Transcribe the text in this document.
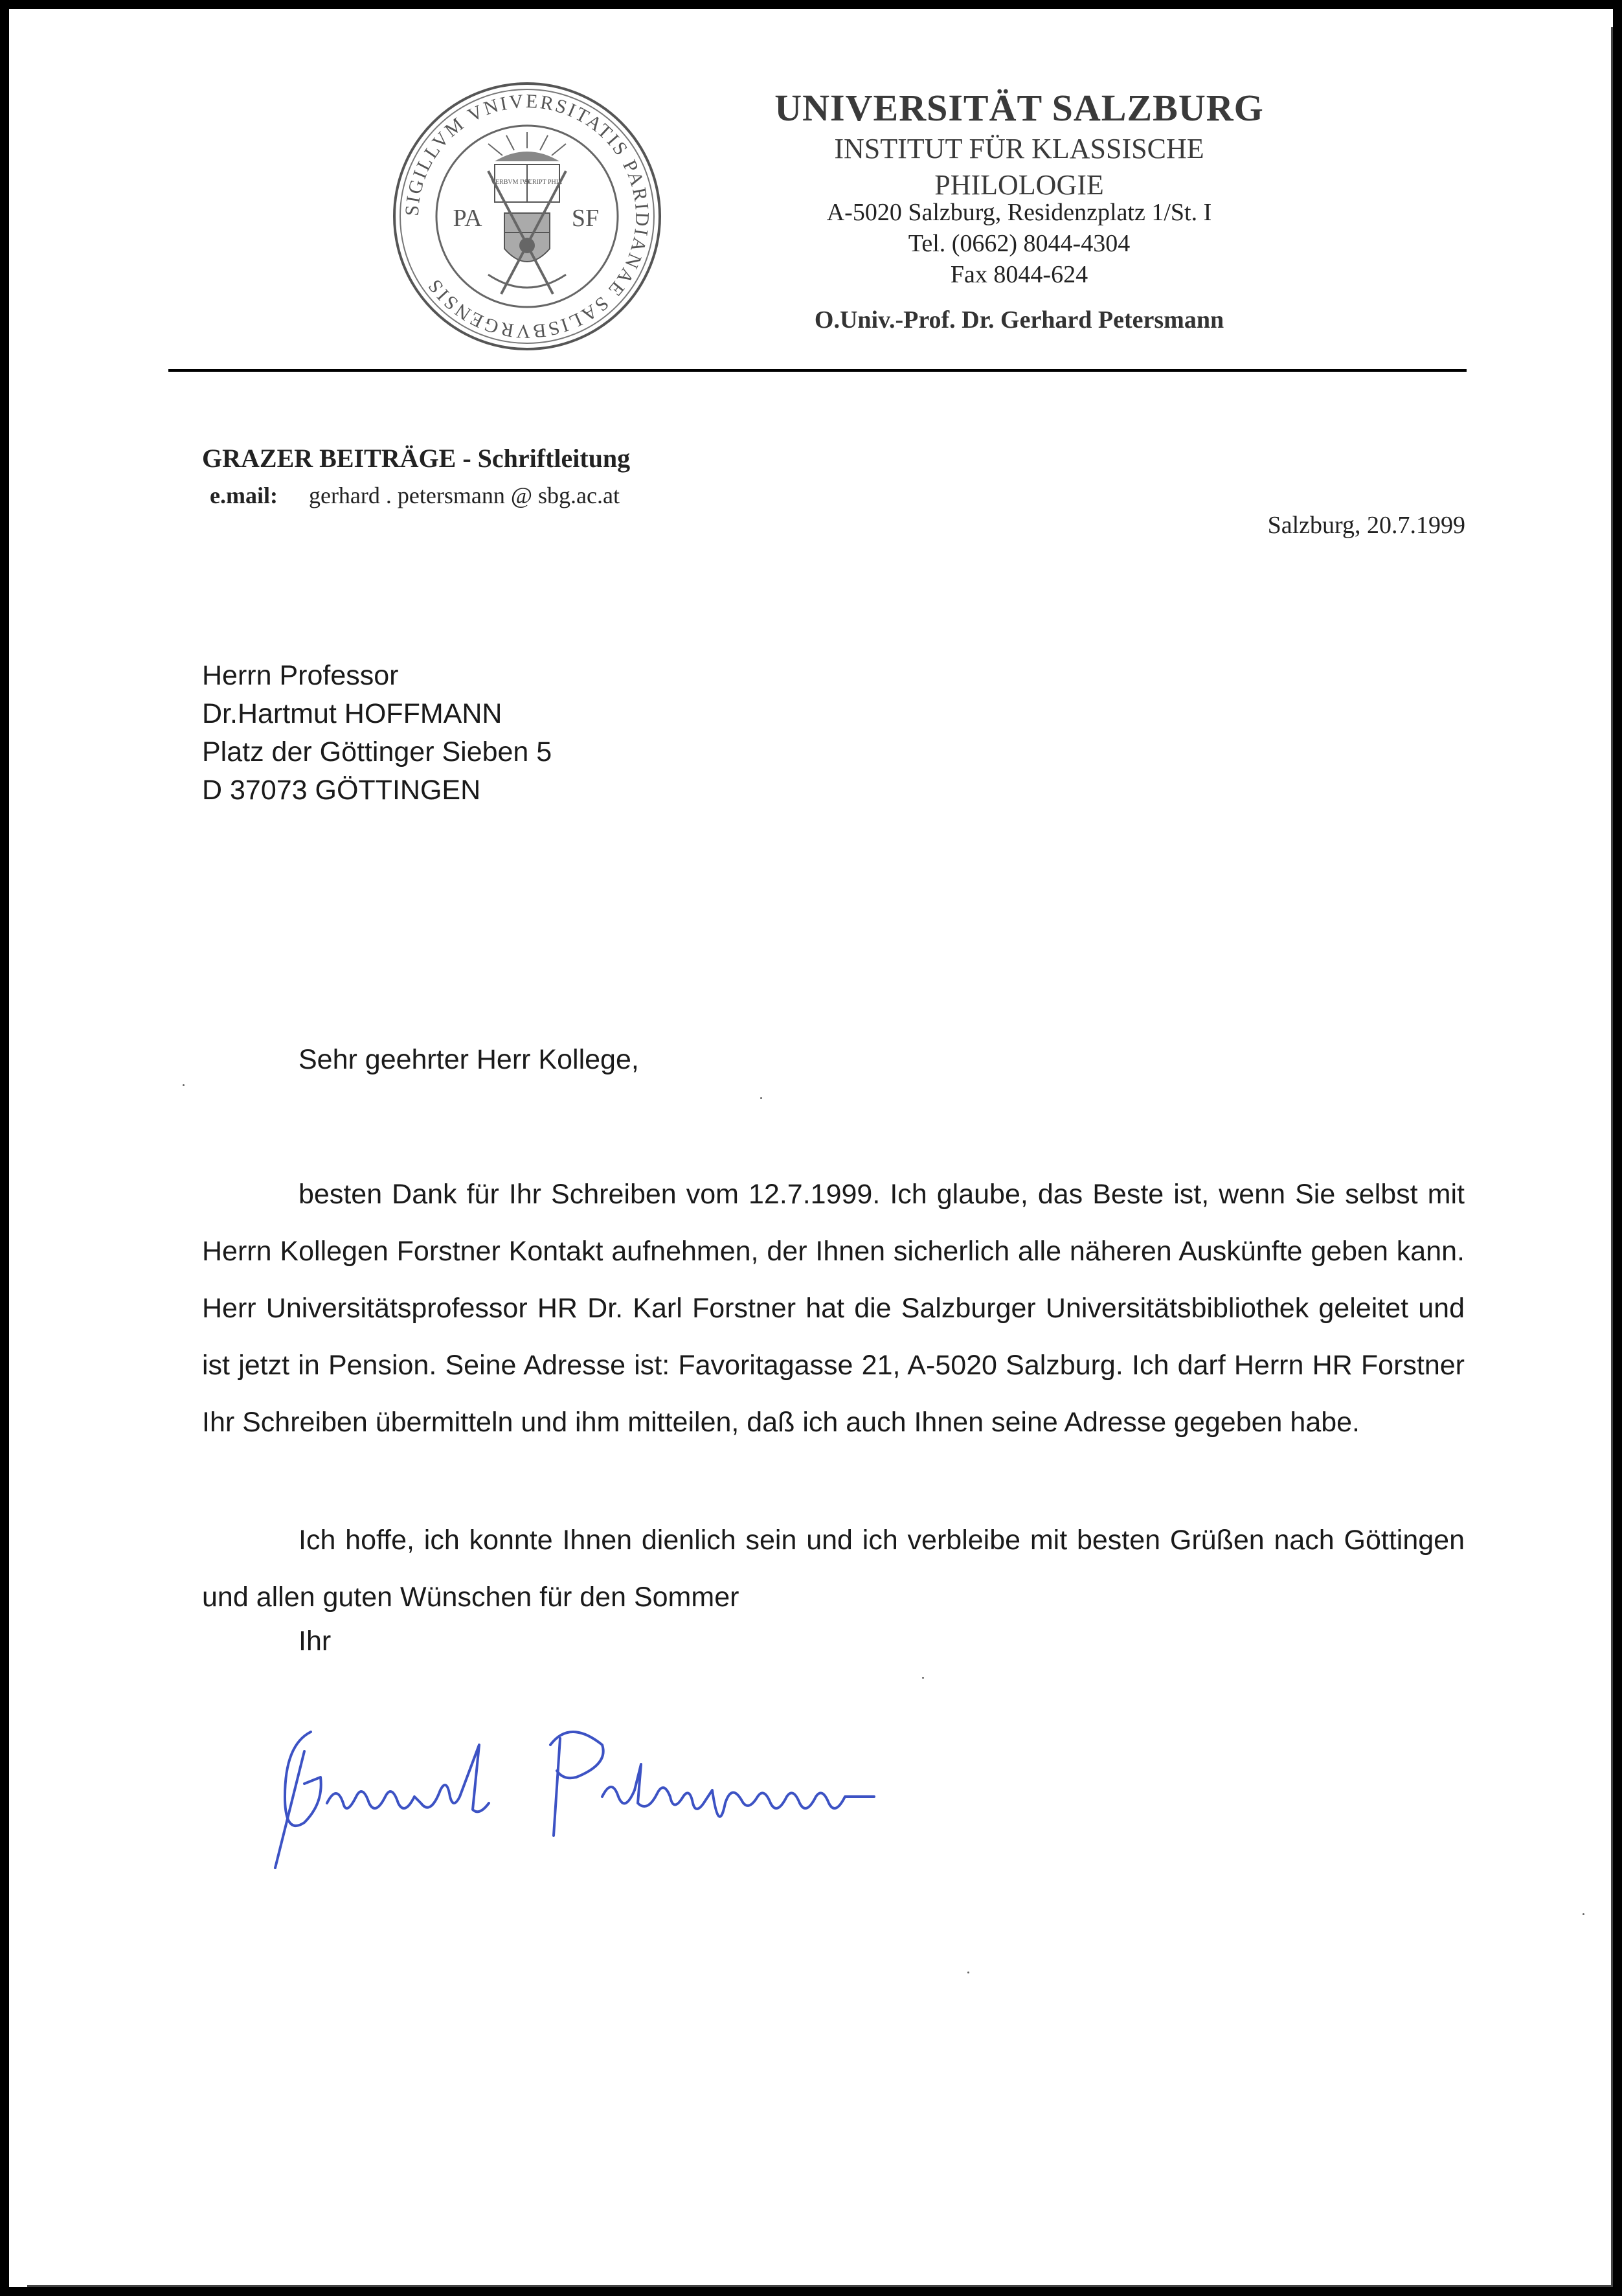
SIGILLVM VNIVERSITATIS PARIDIANAE SALISBVRGENSIS
VERBVM IVR
SCRIPT PHIL
PA	SF
UNIVERSITÄT SALZBURG
INSTITUT FÜR KLASSISCHE PHILOLOGIE
A-5020 Salzburg, Residenzplatz 1/St. I
Tel. (0662) 8044-4304
Fax 8044-624
O.Univ.-Prof. Dr. Gerhard Petersmann
GRAZER BEITRÄGE - Schriftleitung
e.mail: gerhard . petersmann @ sbg.ac.at
Salzburg, 20.7.1999
Herrn Professor
Dr.Hartmut HOFFMANN
Platz der Göttinger Sieben 5
D 37073 GÖTTINGEN
Sehr geehrter Herr Kollege,
besten Dank für Ihr Schreiben vom 12.7.1999. Ich glaube, das Beste ist, wenn Sie selbst mit Herrn Kollegen Forstner Kontakt aufnehmen, der Ihnen sicherlich alle näheren Auskünfte geben kann. Herr Universitätsprofessor HR Dr. Karl Forstner hat die Salzburger Universitätsbibliothek geleitet und ist jetzt in Pension. Seine Adresse ist: Favoritagasse 21, A-5020 Salzburg. Ich darf Herrn HR Forstner Ihr Schreiben übermitteln und ihm mitteilen, daß ich auch Ihnen seine Adresse gegeben habe.
Ich hoffe, ich konnte Ihnen dienlich sein und ich verbleibe mit besten Grüßen nach Göttingen und allen guten Wünschen für den Sommer
Ihr
